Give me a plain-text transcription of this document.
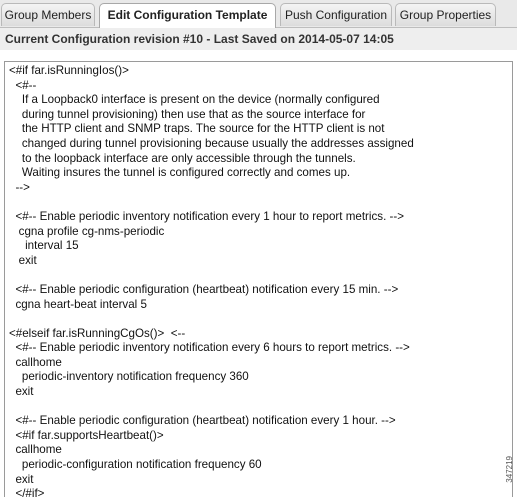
Group Members	Edit Configuration Template	Push Configuration	Group Properties
Current Configuration revision #10 - Last Saved on 2014-05-07 14:05
<#if far.isRunningIos()>
<#--
If a Loopback0 interface is present on the device (normally configured
during tunnel provisioning) then use that as the source interface for
the HTTP client and SNMP traps. The source for the HTTP client is not
changed during tunnel provisioning because usually the addresses assigned
to the loopback interface are only accessible through the tunnels.
Waiting insures the tunnel is configured correctly and comes up.
-->
<#-- Enable periodic inventory notification every 1 hour to report metrics. -->
cgna profile cg-nms-periodic
interval 15
exit
<#-- Enable periodic configuration (heartbeat) notification every 15 min. -->
cgna heart-beat interval 5
<#elseif far.isRunningCgOs()>  <--
<#-- Enable periodic inventory notification every 6 hours to report metrics. -->
callhome
periodic-inventory notification frequency 360
exit
<#-- Enable periodic configuration (heartbeat) notification every 1 hour. -->
<#if far.supportsHeartbeat()>
callhome
periodic-configuration notification frequency 60
exit
</#if>
347219
